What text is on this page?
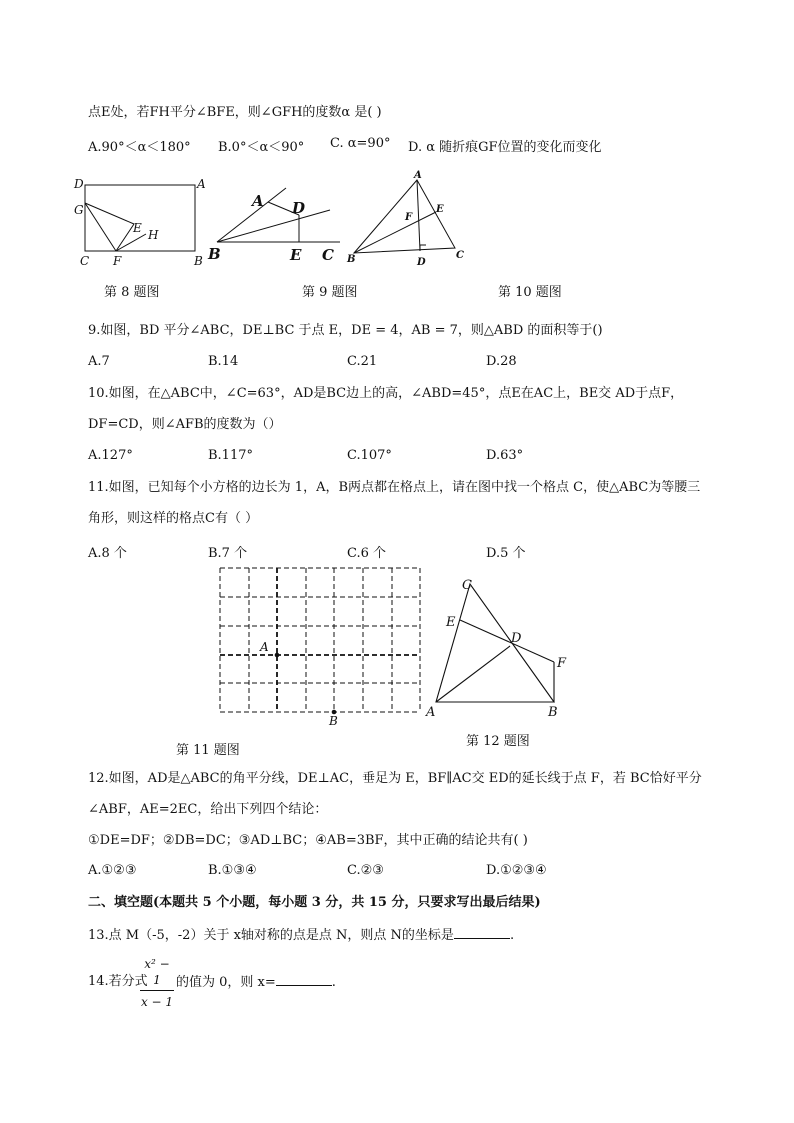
点E处，若FH平分∠BFE，则∠GFH的度数α 是( )
A.90°＜α＜180° B.0°＜α＜90° C. α=90° D. α 随折痕GF位置的变化而变化
D	A
G
E H
C F	B
A D
B	E C
A
E
F
B	D
C
第 8 题图	第 9 题图	第 10 题图
9.如图，BD 平分∠ABC，DE⊥BC 于点 E，DE = 4，AB = 7，则△ABD 的面积等于()
A.7	B.14	C.21	D.28
10.如图，在△ABC中，∠C=63°，AD是BC边上的高，∠ABD=45°，点E在AC上，BE交 AD于点F，
DF=CD，则∠AFB的度数为（）
A.127°	B.117°	C.107°	D.63°
11.如图，已知每个小方格的边长为 1，A，B两点都在格点上，请在图中找一个格点 C，使△ABC为等腰三
角形，则这样的格点C有（ ）
A.8 个	B.7 个	C.6 个	D.5 个
A
B
第 11 题图
C
E
D
F
A	B
第 12 题图
12.如图，AD是△ABC的角平分线，DE⊥AC，垂足为 E，BF∥AC交 ED的延长线于点 F，若 BC恰好平分
∠ABF，AE=2EC，给出下列四个结论：
①DE=DF；②DB=DC；③AD⊥BC；④AB=3BF，其中正确的结论共有( )
A.①②③	B.①③④	C.②③	D.①②③④
二、填空题(本题共 5 个小题，每小题 3 分，共 15 分，只要求写出最后结果)
13.点 M（-5，-2）关于 x轴对称的点是点 N，则点 N的坐标是	.
14.若分式
$\frac{\text{x² − 1}}{x - 1}$ 的值为 0，则 x=	.
